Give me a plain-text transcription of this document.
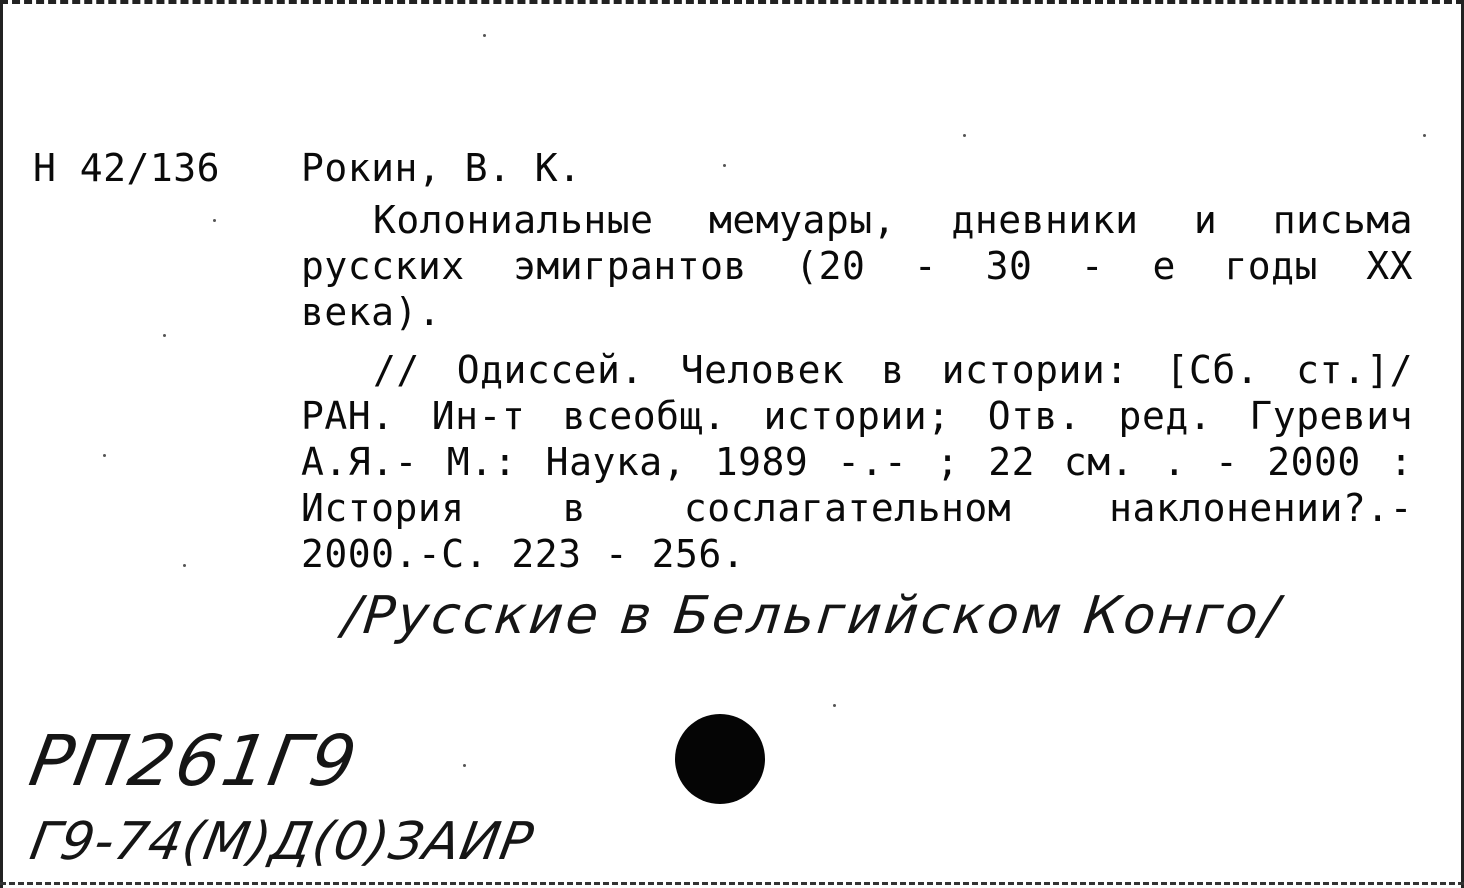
Н 42/136 Рокин, В. К.

Колониальные мемуары, дневники и письма
русских эмигрантов (20 - 30 - е годы XX
века).
// Одиссей. Человек в истории: [Сб. ст.]/
РАН. Ин-т всеобщ. истории; Отв. ред. Гуревич
А.Я.- М.: Наука, 1989 -.- ; 22 см. . - 2000 :
История в сослагательном наклонении?.-
2000.-С. 223 - 256.

/Русские в Бельгийском Конго/

РП261Г9

Г9-74(М)Д(0)ЗАИР
